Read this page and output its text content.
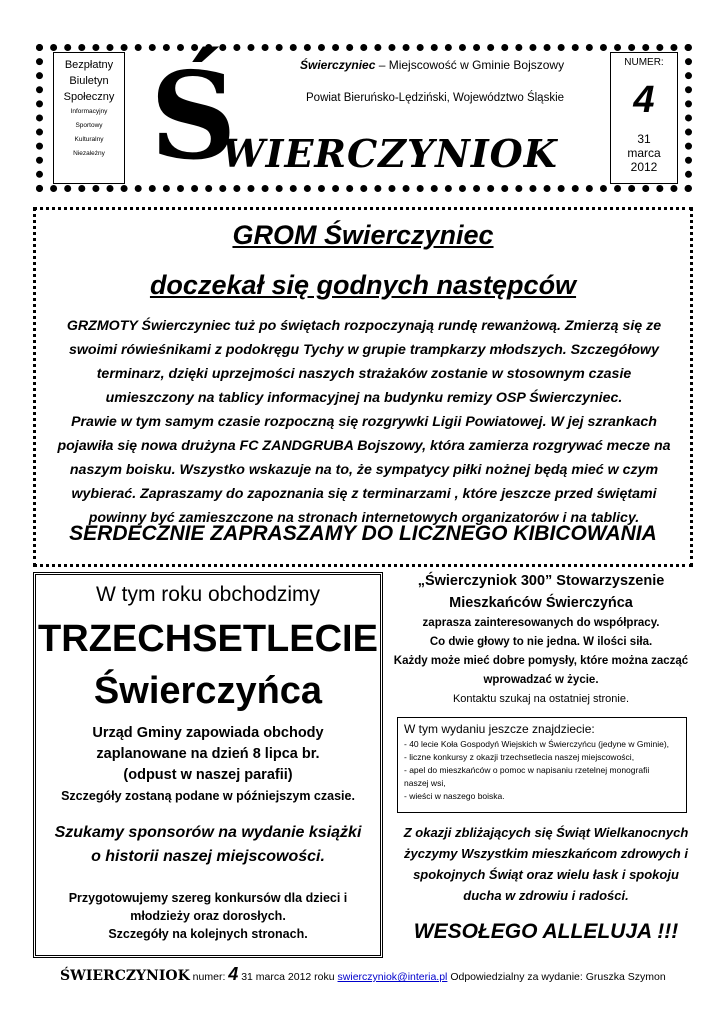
Bezpłatny
Biuletyn
Społeczny
Informacyjny
Sportowy
Kulturalny
Niezależny Ś
WIERCZYNIOK
Świerczyniec – Miejscowość w Gminie Bojszowy
Powiat Bieruńsko-Lędziński, Województwo Śląskie
NUMER:
4
31
marca
2012
GROM Świerczyniec
doczekał się godnych następców
GRZMOTY Świerczyniec tuż po świętach rozpoczynają rundę rewanżową. Zmierzą się ze
swoimi rówieśnikami z podokręgu Tychy w grupie trampkarzy młodszych. Szczegółowy
terminarz, dzięki uprzejmości naszych strażaków zostanie w stosownym czasie
umieszczony na tablicy informacyjnej na budynku remizy OSP Świerczyniec.
Prawie w tym samym czasie rozpoczną się rozgrywki Ligii Powiatowej. W jej szrankach
pojawiła się nowa drużyna FC ZANDGRUBA Bojszowy, która zamierza rozgrywać mecze na
naszym boisku. Wszystko wskazuje na to, że sympatycy piłki nożnej będą mieć w czym
wybierać. Zapraszamy do zapoznania się z terminarzami , które jeszcze przed świętami
powinny być zamieszczone na stronach internetowych organizatorów i na tablicy.
SERDECZNIE ZAPRASZAMY DO LICZNEGO KIBICOWANIA
W tym roku obchodzimy
TRZECHSETLECIE
Świerczyńca
Urząd Gminy zapowiada obchody
zaplanowane na dzień 8 lipca br.
(odpust w naszej parafii)
Szczegóły zostaną podane w późniejszym czasie.
Szukamy sponsorów na wydanie książki
o historii naszej miejscowości.
Przygotowujemy szereg konkursów dla dzieci i
młodzieży oraz dorosłych.
Szczegóły na kolejnych stronach.
„Świerczyniok 300” Stowarzyszenie
Mieszkańców Świerczyńca
zaprasza zainteresowanych do współpracy.
Co dwie głowy to nie jedna. W ilości siła.
Każdy może mieć dobre pomysły, które można zacząć
wprowadzać w życie.
Kontaktu szukaj na ostatniej stronie.
W tym wydaniu jeszcze znajdziecie:
- 40 lecie Koła Gospodyń Wiejskich w Świerczyńcu (jedyne w Gminie),
- liczne konkursy z okazji trzechsetlecia naszej miejscowości,
- apel do mieszkańców o pomoc w napisaniu rzetelnej monografii
naszej wsi,
- wieści w naszego boiska.
Z okazji zbliżających się Świąt Wielkanocnych
życzymy Wszystkim mieszkańcom zdrowych i
spokojnych Świąt oraz wielu łask i spokoju
ducha w zdrowiu i radości.
WESOŁEGO ALLELUJA !!!
ŚWIERCZYNIOK numer: 4 31 marca 2012 roku swierczyniok@interia.pl Odpowiedzialny za wydanie: Gruszka Szymon
